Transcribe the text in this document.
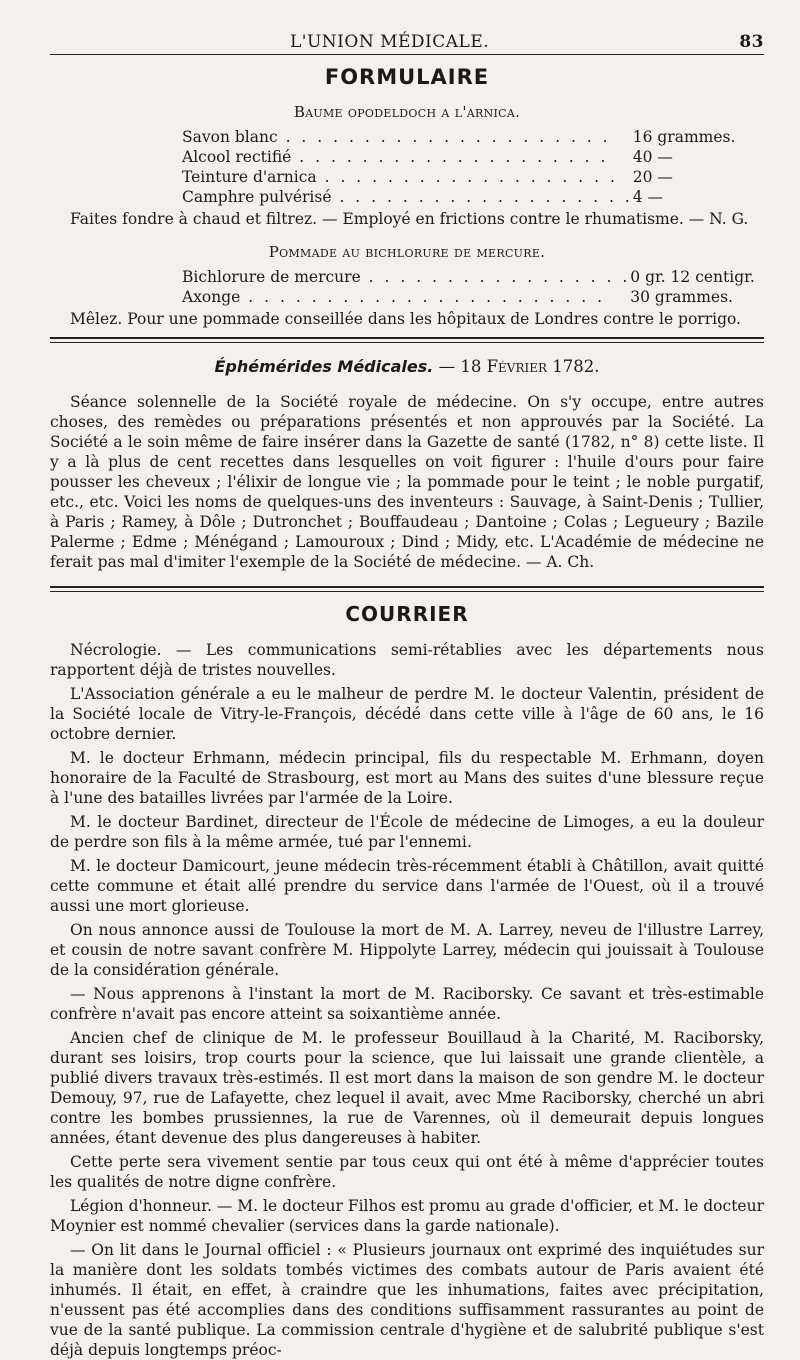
L'UNION MÉDICALE.	83
FORMULAIRE
Baume opodeldoch a l'arnica.
Savon blanc . . . . . . . . . . . . . . . . . . . . .	16 grammes.
Alcool rectifié . . . . . . . . . . . . . . . . . . . .	40 —
Teinture d'arnica . . . . . . . . . . . . . . . . . . .	20 —
Camphre pulvérisé . . . . . . . . . . . . . . . . . . .	4 —

Faites fondre à chaud et filtrez. — Employé en frictions contre le rhumatisme. — N. G.

Pommade au bichlorure de mercure.
Bichlorure de mercure . . . . . . . . . . . . . . . . .	0 gr. 12 centigr.
Axonge . . . . . . . . . . . . . . . . . . . . . . .	30 grammes.

Mêlez. Pour une pommade conseillée dans les hôpitaux de Londres contre le porrigo.

Éphémérides Médicales. — 18 Février 1782.

Séance solennelle de la Société royale de médecine. On s'y occupe, entre autres choses, des remèdes ou préparations présentés et non approuvés par la Société. La Société a le soin même de faire insérer dans la Gazette de santé (1782, n° 8) cette liste. Il y a là plus de cent recettes dans lesquelles on voit figurer : l'huile d'ours pour faire pousser les cheveux ; l'élixir de longue vie ; la pommade pour le teint ; le noble purgatif, etc., etc. Voici les noms de quelques-uns des inventeurs : Sauvage, à Saint-Denis ; Tullier, à Paris ; Ramey, à Dôle ; Dutronchet ; Bouffaudeau ; Dantoine ; Colas ; Legueury ; Bazile Palerme ; Edme ; Ménégand ; Lamouroux ; Dind ; Midy, etc. L'Académie de médecine ne ferait pas mal d'imiter l'exemple de la Société de médecine. — A. Ch.

COURRIER

Nécrologie. — Les communications semi-rétablies avec les départements nous rapportent déjà de tristes nouvelles.

L'Association générale a eu le malheur de perdre M. le docteur Valentin, président de la Société locale de Vitry-le-François, décédé dans cette ville à l'âge de 60 ans, le 16 octobre dernier.

M. le docteur Erhmann, médecin principal, fils du respectable M. Erhmann, doyen honoraire de la Faculté de Strasbourg, est mort au Mans des suites d'une blessure reçue à l'une des batailles livrées par l'armée de la Loire.

M. le docteur Bardinet, directeur de l'École de médecine de Limoges, a eu la douleur de perdre son fils à la même armée, tué par l'ennemi.

M. le docteur Damicourt, jeune médecin très-récemment établi à Châtillon, avait quitté cette commune et était allé prendre du service dans l'armée de l'Ouest, où il a trouvé aussi une mort glorieuse.

On nous annonce aussi de Toulouse la mort de M. A. Larrey, neveu de l'illustre Larrey, et cousin de notre savant confrère M. Hippolyte Larrey, médecin qui jouissait à Toulouse de la considération générale.

— Nous apprenons à l'instant la mort de M. Raciborsky. Ce savant et très-estimable confrère n'avait pas encore atteint sa soixantième année.

Ancien chef de clinique de M. le professeur Bouillaud à la Charité, M. Raciborsky, durant ses loisirs, trop courts pour la science, que lui laissait une grande clientèle, a publié divers travaux très-estimés. Il est mort dans la maison de son gendre M. le docteur Demouy, 97, rue de Lafayette, chez lequel il avait, avec Mme Raciborsky, cherché un abri contre les bombes prussiennes, la rue de Varennes, où il demeurait depuis longues années, étant devenue des plus dangereuses à habiter.

Cette perte sera vivement sentie par tous ceux qui ont été à même d'apprécier toutes les qualités de notre digne confrère.

Légion d'honneur. — M. le docteur Filhos est promu au grade d'officier, et M. le docteur Moynier est nommé chevalier (services dans la garde nationale).

— On lit dans le Journal officiel : « Plusieurs journaux ont exprimé des inquiétudes sur la manière dont les soldats tombés victimes des combats autour de Paris avaient été inhumés. Il était, en effet, à craindre que les inhumations, faites avec précipitation, n'eussent pas été accomplies dans des conditions suffisamment rassurantes au point de vue de la santé publique. La commission centrale d'hygiène et de salubrité publique s'est déjà depuis longtemps préoc-
